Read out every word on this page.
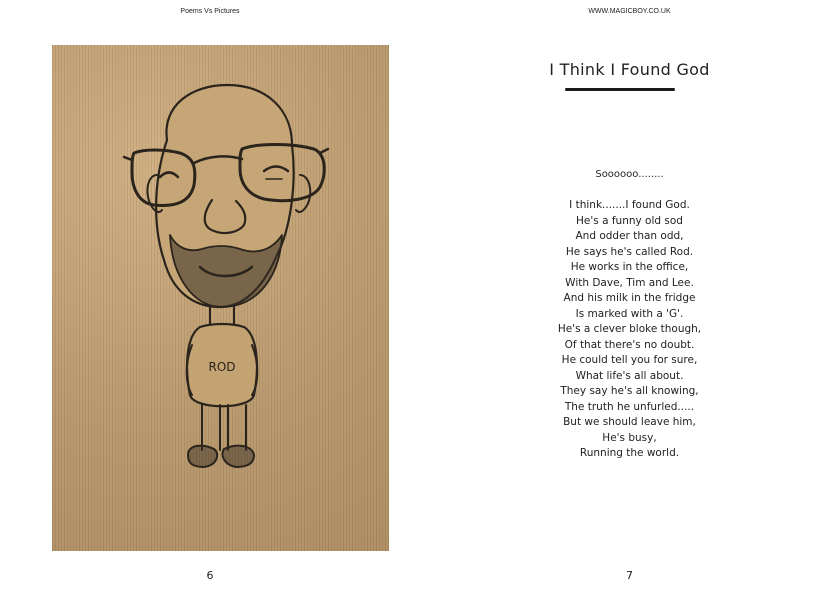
Poems Vs Pictures
ROD
6
WWW.MAGICBOY.CO.UK
I Think I Found God
Soooooo........
I think.......I found God.
He's a funny old sod
And odder than odd,
He says he's called Rod.
He works in the office,
With Dave, Tim and Lee.
And his milk in the fridge
Is marked with a 'G'.
He's a clever bloke though,
Of that there's no doubt.
He could tell you for sure,
What life's all about.
They say he's all knowing,
The truth he unfurled.....
But we should leave him,
He's busy,
Running the world.
7
